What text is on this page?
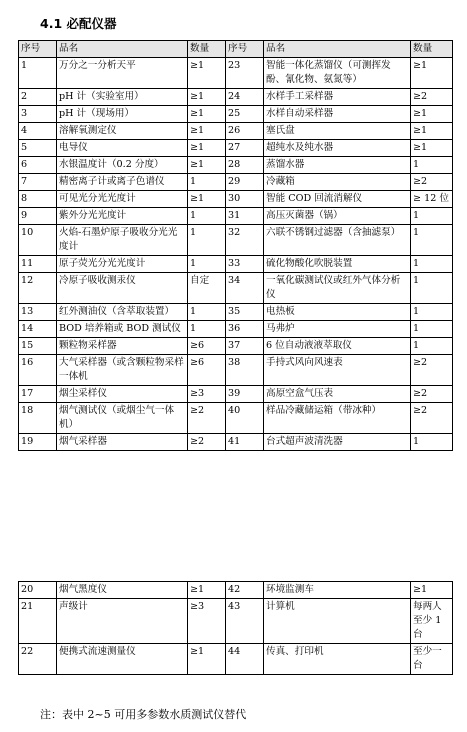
4.1 必配仪器
序号	品名	数量	序号	品名	数量
1	万分之一分析天平	≥1	23	智能一体化蒸馏仪（可测挥发酚、氰化物、氨氮等）	≥1
2	pH 计（实验室用）	≥1	24	水样手工采样器	≥2
3	pH 计（现场用）	≥1	25	水样自动采样器	≥1
4	溶解氧测定仪	≥1	26	塞氏盘	≥1
5	电导仪	≥1	27	超纯水及纯水器	≥1
6	水银温度计（0.2 分度）	≥1	28	蒸馏水器	1
7	精密离子计或离子色谱仪	1	29	冷藏箱	≥2
8	可见光分光光度计	≥1	30	智能 COD 回流消解仪	≥ 12 位
9	紫外分光光度计	1	31	高压灭菌器（锅）	1
10	火焰-石墨炉原子吸收分光光度计	1	32	六联不锈钢过滤器（含抽滤泵）	1
11	原子荧光分光光度计	1	33	硫化物酸化吹脱装置	1
12	冷原子吸收测汞仪	自定	34	一氧化碳测试仪或红外气体分析仪	1
13	红外测油仪（含萃取装置）	1	35	电热板	1
14	BOD 培养箱或 BOD 测试仪	1	36	马弗炉	1
15	颗粒物采样器	≥6	37	6 位自动液液萃取仪	1
16	大气采样器（或含颗粒物采样一体机	≥6	38	手持式风向风速表	≥2
17	烟尘采样仪	≥3	39	高原空盒气压表	≥2
18	烟气测试仪（或烟尘气一体机）	≥2	40	样品冷藏储运箱（带冰种）	≥2
19	烟气采样器	≥2	41	台式超声波清洗器	1
20	烟气黑度仪	≥1	42	环境监测车	≥1
21	声级计	≥3	43	计算机	每两人至少 1 台
22	便携式流速测量仪	≥1	44	传真、打印机	至少一台
注：表中 2~5 可用多参数水质测试仪替代
